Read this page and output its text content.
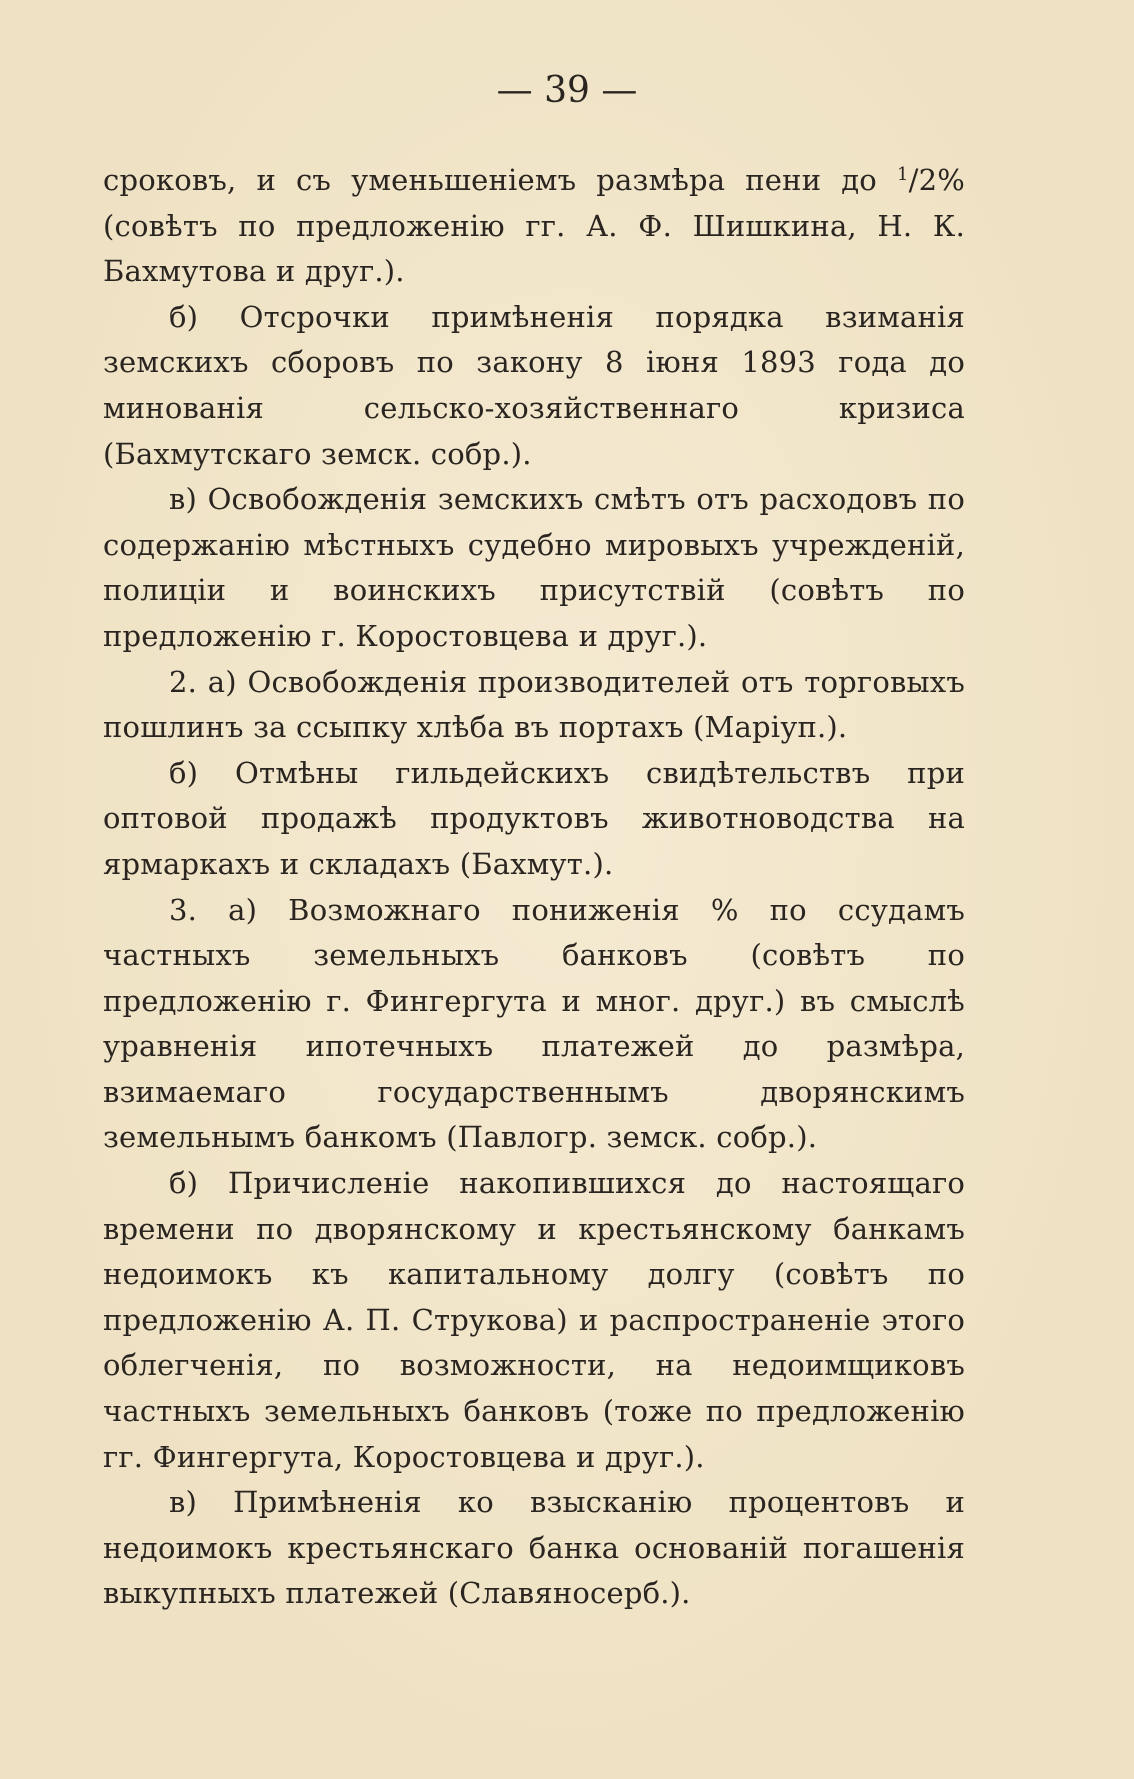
— 39 —

сроковъ, и съ уменьшеніемъ размѣра пени до $^1$/2% (совѣтъ по предложенію гг. А. Ф. Шишкина, Н. К. Бахмутова и друг.).

б) Отсрочки примѣненія порядка взиманія земскихъ сборовъ по закону 8 іюня 1893 года до минованія сельско-хозяйственнаго кризиса (Бахмутскаго земск. собр.).

в) Освобожденія земскихъ смѣтъ отъ расходовъ по содержанію мѣстныхъ судебно мировыхъ учрежденій, полиціи и воинскихъ присутствій (совѣтъ по предложенію г. Коростовцева и друг.).

2. а) Освобожденія производителей отъ торговыхъ пошлинъ за ссыпку хлѣба въ портахъ (Маріуп.).

б) Отмѣны гильдейскихъ свидѣтельствъ при оптовой продажѣ продуктовъ животноводства на ярмаркахъ и складахъ (Бахмут.).

3. а) Возможнаго пониженія % по ссудамъ частныхъ земельныхъ банковъ (совѣтъ по предложенію г. Фингергута и мног. друг.) въ смыслѣ уравненія ипотечныхъ платежей до размѣра, взимаемаго государственнымъ дворянскимъ земельнымъ банкомъ (Павлогр. земск. собр.).

б) Причисленіе накопившихся до настоящаго времени по дворянскому и крестьянскому банкамъ недоимокъ къ капитальному долгу (совѣтъ по предложенію А. П. Струкова) и распространеніе этого облегченія, по возможности, на недоимщиковъ частныхъ земельныхъ банковъ (тоже по предложенію гг. Фингергута, Коростовцева и друг.).

в) Примѣненія ко взысканію процентовъ и недоимокъ крестьянскаго банка основаній погашенія выкупныхъ платежей (Славяносерб.).
